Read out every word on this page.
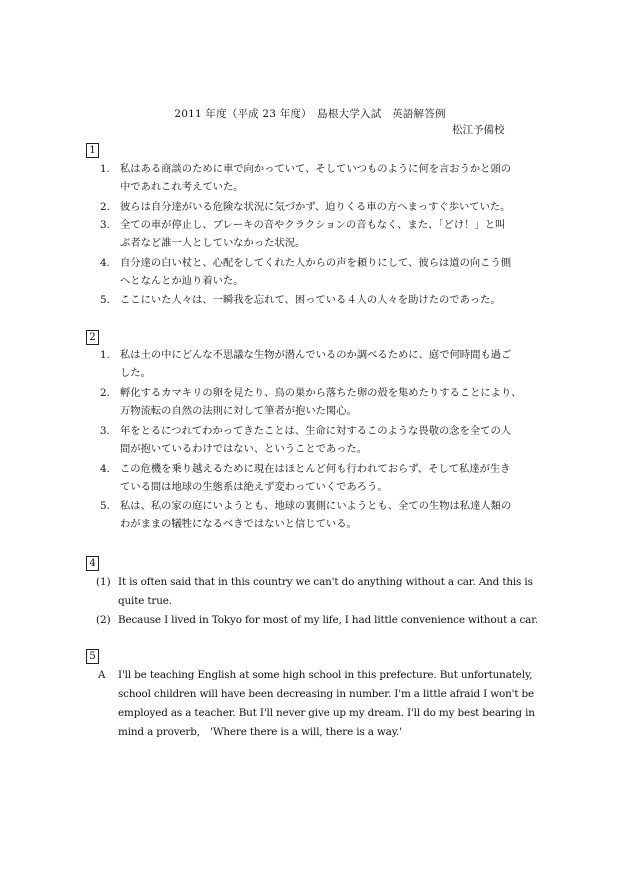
2011 年度（平成 23 年度）　島根大学入試　英語解答例
松江予備校
1
1. 私はある商談のために車で向かっていて、そしていつものように何を言おうかと頭の
中であれこれ考えていた。
2. 彼らは自分達がいる危険な状況に気づかず、迫りくる車の方へまっすぐ歩いていた。
3. 全ての車が停止し、ブレーキの音やクラクションの音もなく、また、「どけ！」と叫
ぶ者など誰一人としていなかった状況。
4. 自分達の白い杖と、心配をしてくれた人からの声を頼りにして、彼らは道の向こう側
へとなんとか辿り着いた。
5. ここにいた人々は、一瞬我を忘れて、困っている４人の人々を助けたのであった。
2
1. 私は土の中にどんな不思議な生物が潜んでいるのか調べるために、庭で何時間も過ご
した。
2. 孵化するカマキリの卵を見たり、鳥の巣から落ちた卵の殻を集めたりすることにより、
万物流転の自然の法則に対して筆者が抱いた関心。
3. 年をとるにつれてわかってきたことは、生命に対するこのような畏敬の念を全ての人
間が抱いているわけではない、ということであった。
4. この危機を乗り越えるために現在はほとんど何も行われておらず、そして私達が生き
ている間は地球の生態系は絶えず変わっていくであろう。
5. 私は、私の家の庭にいようとも、地球の裏側にいようとも、全ての生物は私達人類の
わがままの犠牲になるべきではないと信じている。
4
(1) It is often said that in this country we can't do anything without a car. And this is
quite true.
(2) Because I lived in Tokyo for most of my life, I had little convenience without a car.
5
A I'll be teaching English at some high school in this prefecture. But unfortunately,
school children will have been decreasing in number. I'm a little afraid I won't be
employed as a teacher. But I'll never give up my dream. I'll do my best bearing in
mind a proverb,　'Where there is a will, there is a way.'
